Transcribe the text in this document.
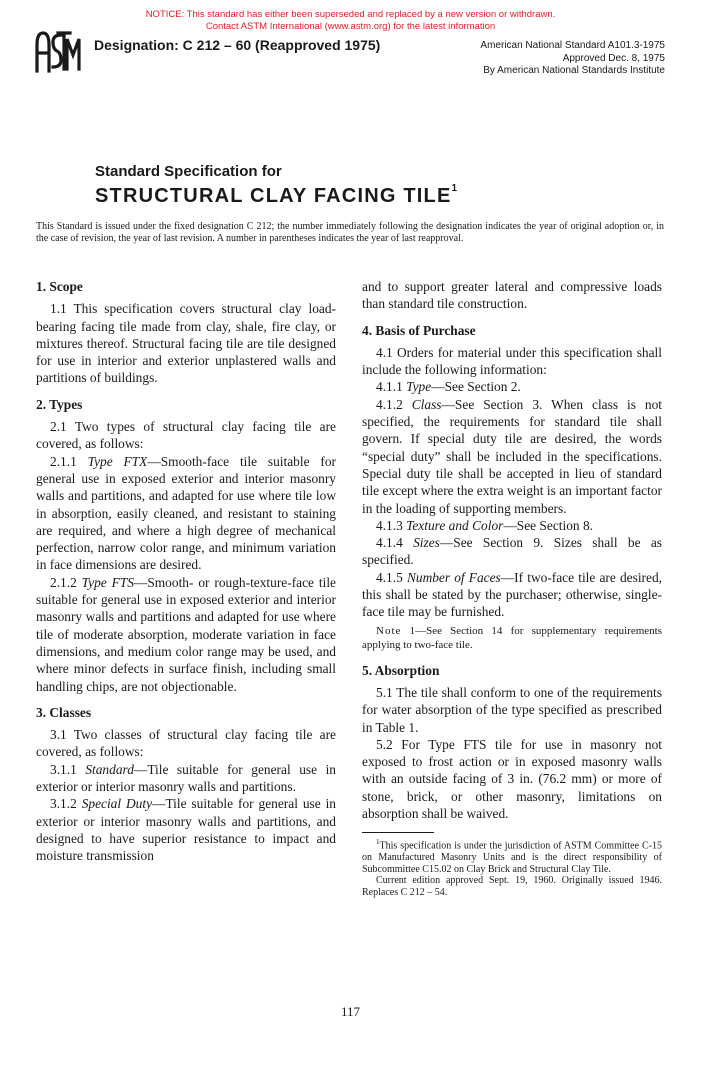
NOTICE: This standard has either been superseded and replaced by a new version or withdrawn.
Contact ASTM International (www.astm.org) for the latest information
ASTM
Designation: C 212 – 60 (Reapproved 1975)	American National Standard A101.3-1975
Approved Dec. 8, 1975
By American National Standards Institute
Standard Specification for
STRUCTURAL CLAY FACING TILE$^1$
This Standard is issued under the fixed designation C 212; the number immediately following the designation indicates the year of original adoption or, in the case of revision, the year of last revision. A number in parentheses indicates the year of last reapproval.
1. Scope

1.1 This specification covers structural clay load-bearing facing tile made from clay, shale, fire clay, or mixtures thereof. Structural facing tile are tile designed for use in interior and exterior unplastered walls and partitions of buildings.

2. Types

2.1 Two types of structural clay facing tile are covered, as follows:

2.1.1 Type FTX—Smooth-face tile suitable for general use in exposed exterior and interior masonry walls and partitions, and adapted for use where tile low in absorption, easily cleaned, and resistant to staining are required, and where a high degree of mechanical perfection, narrow color range, and minimum variation in face dimensions are desired.

2.1.2 Type FTS—Smooth- or rough-texture-face tile suitable for general use in exposed exterior and interior masonry walls and partitions and adapted for use where tile of moderate absorption, moderate variation in face dimensions, and medium color range may be used, and where minor defects in surface finish, including small handling chips, are not objectionable.

3. Classes

3.1 Two classes of structural clay facing tile are covered, as follows:

3.1.1 Standard—Tile suitable for general use in exterior or interior masonry walls and partitions.

3.1.2 Special Duty—Tile suitable for general use in exterior or interior masonry walls and partitions, and designed to have superior resistance to impact and moisture transmission

and to support greater lateral and compressive loads than standard tile construction.

4. Basis of Purchase

4.1 Orders for material under this specification shall include the following information:

4.1.1 Type—See Section 2.

4.1.2 Class—See Section 3. When class is not specified, the requirements for standard tile shall govern. If special duty tile are desired, the words “special duty” shall be included in the specifications. Special duty tile shall be accepted in lieu of standard tile except where the extra weight is an important factor in the loading of supporting members.

4.1.3 Texture and Color—See Section 8.

4.1.4 Sizes—See Section 9. Sizes shall be as specified.

4.1.5 Number of Faces—If two-face tile are desired, this shall be stated by the purchaser; otherwise, single-face tile may be furnished.

Note 1—See Section 14 for supplementary requirements applying to two-face tile.

5. Absorption

5.1 The tile shall conform to one of the requirements for water absorption of the type specified as prescribed in Table 1.

5.2 For Type FTS tile for use in masonry not exposed to frost action or in exposed masonry walls with an outside facing of 3 in. (76.2 mm) or more of stone, brick, or other masonry, limitations on absorption shall be waived.

$^1$This specification is under the jurisdiction of ASTM Committee C-15 on Manufactured Masonry Units and is the direct responsibility of Subcommittee C15.02 on Clay Brick and Structural Clay Tile.

Current edition approved Sept. 19, 1960. Originally issued 1946. Replaces C 212 – 54.

117
